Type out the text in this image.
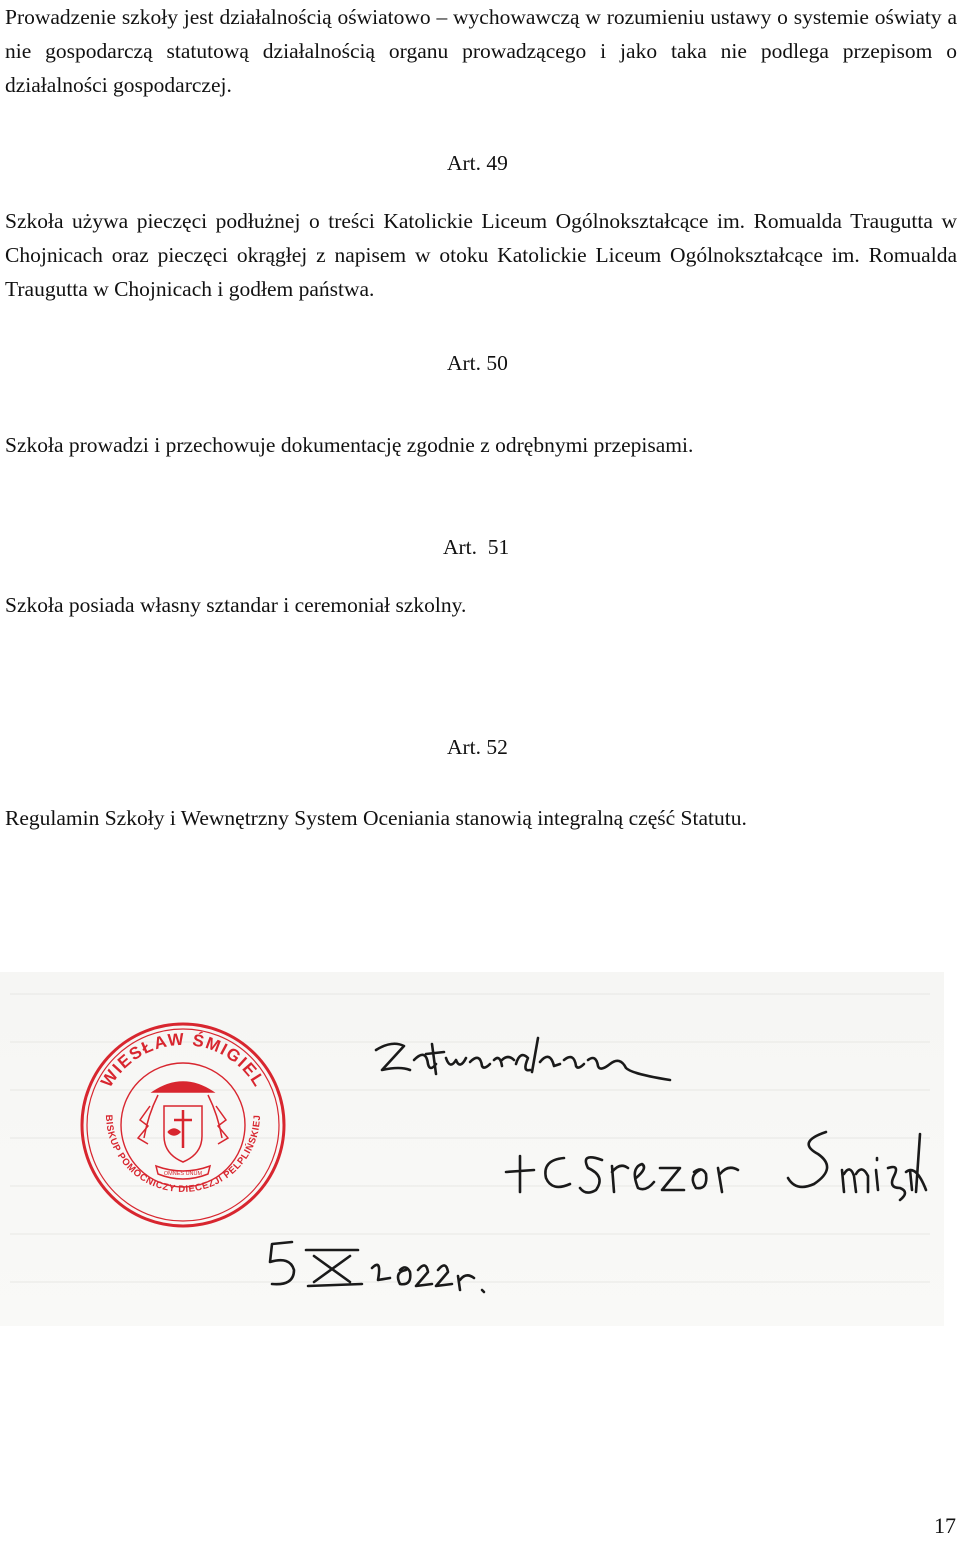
Prowadzenie szkoły jest działalnością oświatowo – wychowawczą w rozumieniu ustawy o systemie oświaty a nie gospodarczą statutową działalnością organu prowadzącego i jako taka nie podlega przepisom o działalności gospodarczej.

Art. 49

Szkoła używa pieczęci podłużnej o treści Katolickie Liceum Ogólnokształcące im. Romualda Traugutta w Chojnicach oraz pieczęci okrągłej z napisem w otoku Katolickie Liceum Ogólnokształcące im. Romualda Traugutta w Chojnicach i godłem państwa.

Art. 50

Szkoła prowadzi i przechowuje dokumentację zgodnie z odrębnymi przepisami.

Art.  51

Szkoła posiada własny sztandar i ceremoniał szkolny.

Art. 52

Regulamin Szkoły i Wewnętrzny System Oceniania stanowią integralną część Statutu.

WIESŁAW ŚMIGIEL
BISKUP POMOCNICZY DIECEZJI PELPLIŃSKIEJ
OMNES UNUM
17
